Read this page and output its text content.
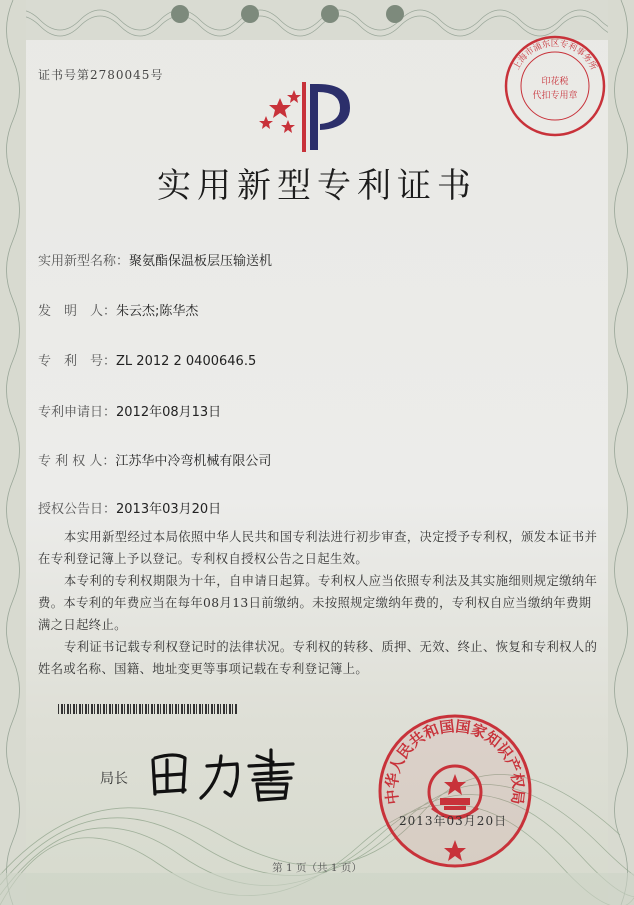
证书号第2780045号
上海市浦东区专利事务所
印花税
代扣专用章
实用新型专利证书
实用新型名称：聚氨酯保温板层压输送机
发　明　人：朱云杰;陈华杰
专　利　号：ZL 2012 2 0400646.5
专利申请日：2012年08月13日
专 利 权 人：江苏华中冷弯机械有限公司
授权公告日：2013年03月20日
本实用新型经过本局依照中华人民共和国专利法进行初步审查，决定授予专利权，颁发本证书并在专利登记簿上予以登记。专利权自授权公告之日起生效。
本专利的专利权期限为十年，自申请日起算。专利权人应当依照专利法及其实施细则规定缴纳年费。本专利的年费应当在每年08月13日前缴纳。未按照规定缴纳年费的，专利权自应当缴纳年费期满之日起终止。
专利证书记载专利权登记时的法律状况。专利权的转移、质押、无效、终止、恢复和专利权人的姓名或名称、国籍、地址变更等事项记载在专利登记簿上。
局长
中华人民共和国国家知识产权局
2013年03月20日
第 1 页（共 1 页）
